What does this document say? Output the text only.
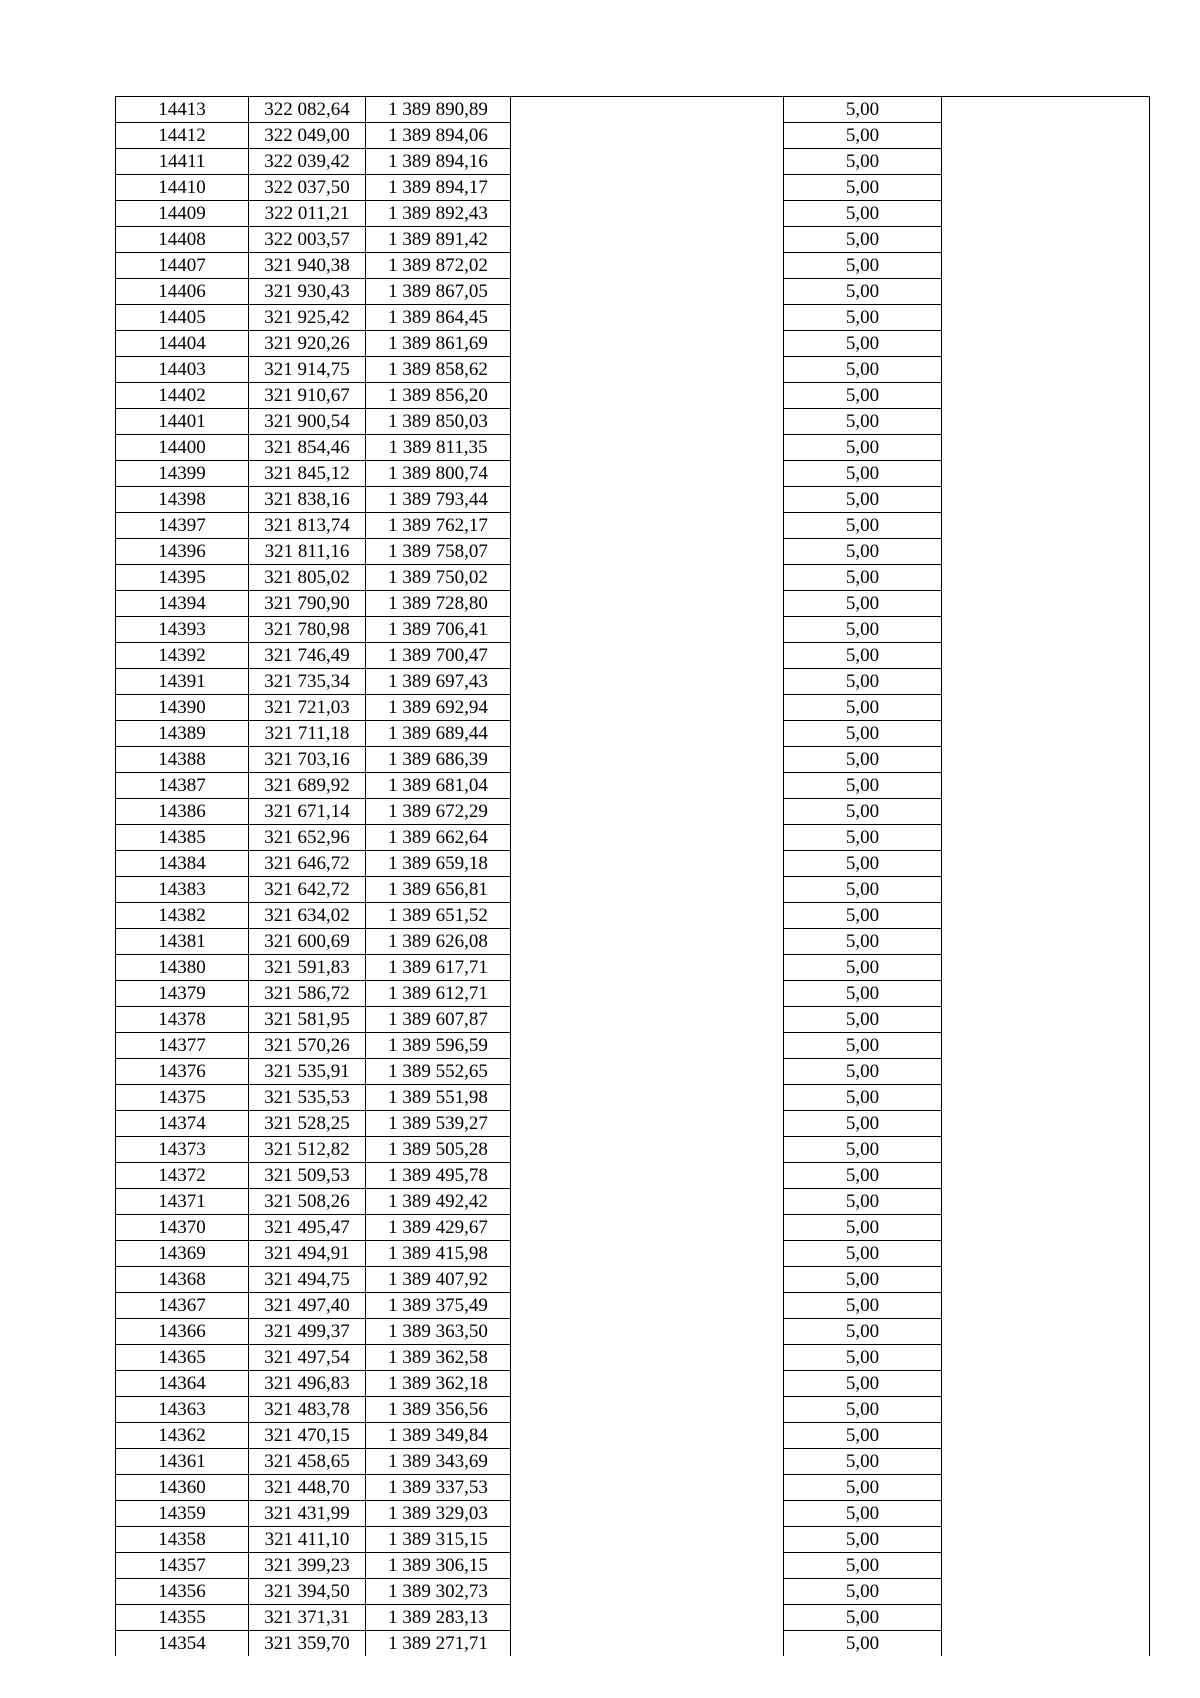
14413	322 082,64	1 389 890,89		5,00	
14412	322 049,00	1 389 894,06		5,00	
14411	322 039,42	1 389 894,16		5,00	
14410	322 037,50	1 389 894,17		5,00	
14409	322 011,21	1 389 892,43		5,00	
14408	322 003,57	1 389 891,42		5,00	
14407	321 940,38	1 389 872,02		5,00	
14406	321 930,43	1 389 867,05		5,00	
14405	321 925,42	1 389 864,45		5,00	
14404	321 920,26	1 389 861,69		5,00	
14403	321 914,75	1 389 858,62		5,00	
14402	321 910,67	1 389 856,20		5,00	
14401	321 900,54	1 389 850,03		5,00	
14400	321 854,46	1 389 811,35		5,00	
14399	321 845,12	1 389 800,74		5,00	
14398	321 838,16	1 389 793,44		5,00	
14397	321 813,74	1 389 762,17		5,00	
14396	321 811,16	1 389 758,07		5,00	
14395	321 805,02	1 389 750,02		5,00	
14394	321 790,90	1 389 728,80		5,00	
14393	321 780,98	1 389 706,41		5,00	
14392	321 746,49	1 389 700,47		5,00	
14391	321 735,34	1 389 697,43		5,00	
14390	321 721,03	1 389 692,94		5,00	
14389	321 711,18	1 389 689,44		5,00	
14388	321 703,16	1 389 686,39		5,00	
14387	321 689,92	1 389 681,04		5,00	
14386	321 671,14	1 389 672,29		5,00	
14385	321 652,96	1 389 662,64		5,00	
14384	321 646,72	1 389 659,18		5,00	
14383	321 642,72	1 389 656,81		5,00	
14382	321 634,02	1 389 651,52		5,00	
14381	321 600,69	1 389 626,08		5,00	
14380	321 591,83	1 389 617,71		5,00	
14379	321 586,72	1 389 612,71		5,00	
14378	321 581,95	1 389 607,87		5,00	
14377	321 570,26	1 389 596,59		5,00	
14376	321 535,91	1 389 552,65		5,00	
14375	321 535,53	1 389 551,98		5,00	
14374	321 528,25	1 389 539,27		5,00	
14373	321 512,82	1 389 505,28		5,00	
14372	321 509,53	1 389 495,78		5,00	
14371	321 508,26	1 389 492,42		5,00	
14370	321 495,47	1 389 429,67		5,00	
14369	321 494,91	1 389 415,98		5,00	
14368	321 494,75	1 389 407,92		5,00	
14367	321 497,40	1 389 375,49		5,00	
14366	321 499,37	1 389 363,50		5,00	
14365	321 497,54	1 389 362,58		5,00	
14364	321 496,83	1 389 362,18		5,00	
14363	321 483,78	1 389 356,56		5,00	
14362	321 470,15	1 389 349,84		5,00	
14361	321 458,65	1 389 343,69		5,00	
14360	321 448,70	1 389 337,53		5,00	
14359	321 431,99	1 389 329,03		5,00	
14358	321 411,10	1 389 315,15		5,00	
14357	321 399,23	1 389 306,15		5,00	
14356	321 394,50	1 389 302,73		5,00	
14355	321 371,31	1 389 283,13		5,00	
14354	321 359,70	1 389 271,71		5,00	
